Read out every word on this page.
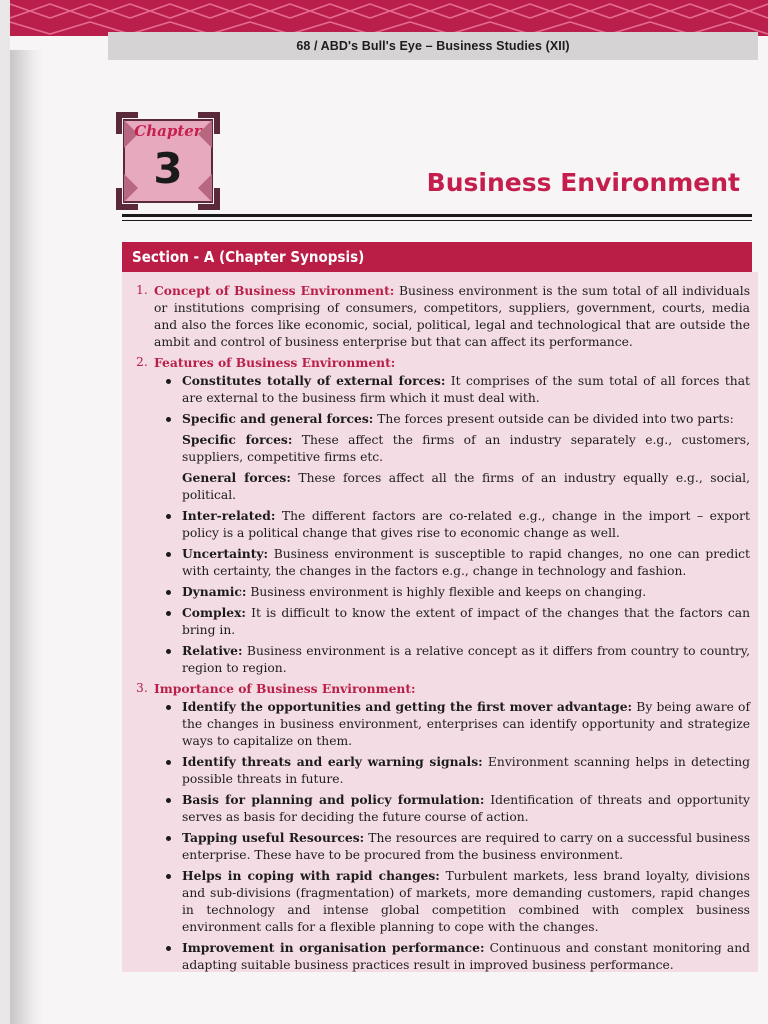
68 / ABD's Bull's Eye – Business Studies (XII)
Chapter
3	Business Environment
Section - A (Chapter Synopsis)
1. Concept of Business Environment: Business environment is the sum total of all individuals or institutions comprising of consumers, competitors, suppliers, government, courts, media and also the forces like economic, social, political, legal and technological that are outside the ambit and control of business enterprise but that can affect its performance.
2. Features of Business Environment:
Constitutes totally of external forces: It comprises of the sum total of all forces that are external to the business firm which it must deal with.
Specific and general forces: The forces present outside can be divided into two parts:
Specific forces: These affect the firms of an industry separately e.g., customers, suppliers, competitive firms etc.
General forces: These forces affect all the firms of an industry equally e.g., social, political.
Inter-related: The different factors are co-related e.g., change in the import – export policy is a political change that gives rise to economic change as well.
Uncertainty: Business environment is susceptible to rapid changes, no one can predict with certainty, the changes in the factors e.g., change in technology and fashion.
Dynamic: Business environment is highly flexible and keeps on changing.
Complex: It is difficult to know the extent of impact of the changes that the factors can bring in.
Relative: Business environment is a relative concept as it differs from country to country, region to region.
3. Importance of Business Environment:
Identify the opportunities and getting the first mover advantage: By being aware of the changes in business environment, enterprises can identify opportunity and strategize ways to capitalize on them.
Identify threats and early warning signals: Environment scanning helps in detecting possible threats in future.
Basis for planning and policy formulation: Identification of threats and opportunity serves as basis for deciding the future course of action.
Tapping useful Resources: The resources are required to carry on a successful business enterprise. These have to be procured from the business environment.
Helps in coping with rapid changes: Turbulent markets, less brand loyalty, divisions and sub-divisions (fragmentation) of markets, more demanding customers, rapid changes in technology and intense global competition combined with complex business environment calls for a flexible planning to cope with the changes.
Improvement in organisation performance: Continuous and constant monitoring and adapting suitable business practices result in improved business performance.
